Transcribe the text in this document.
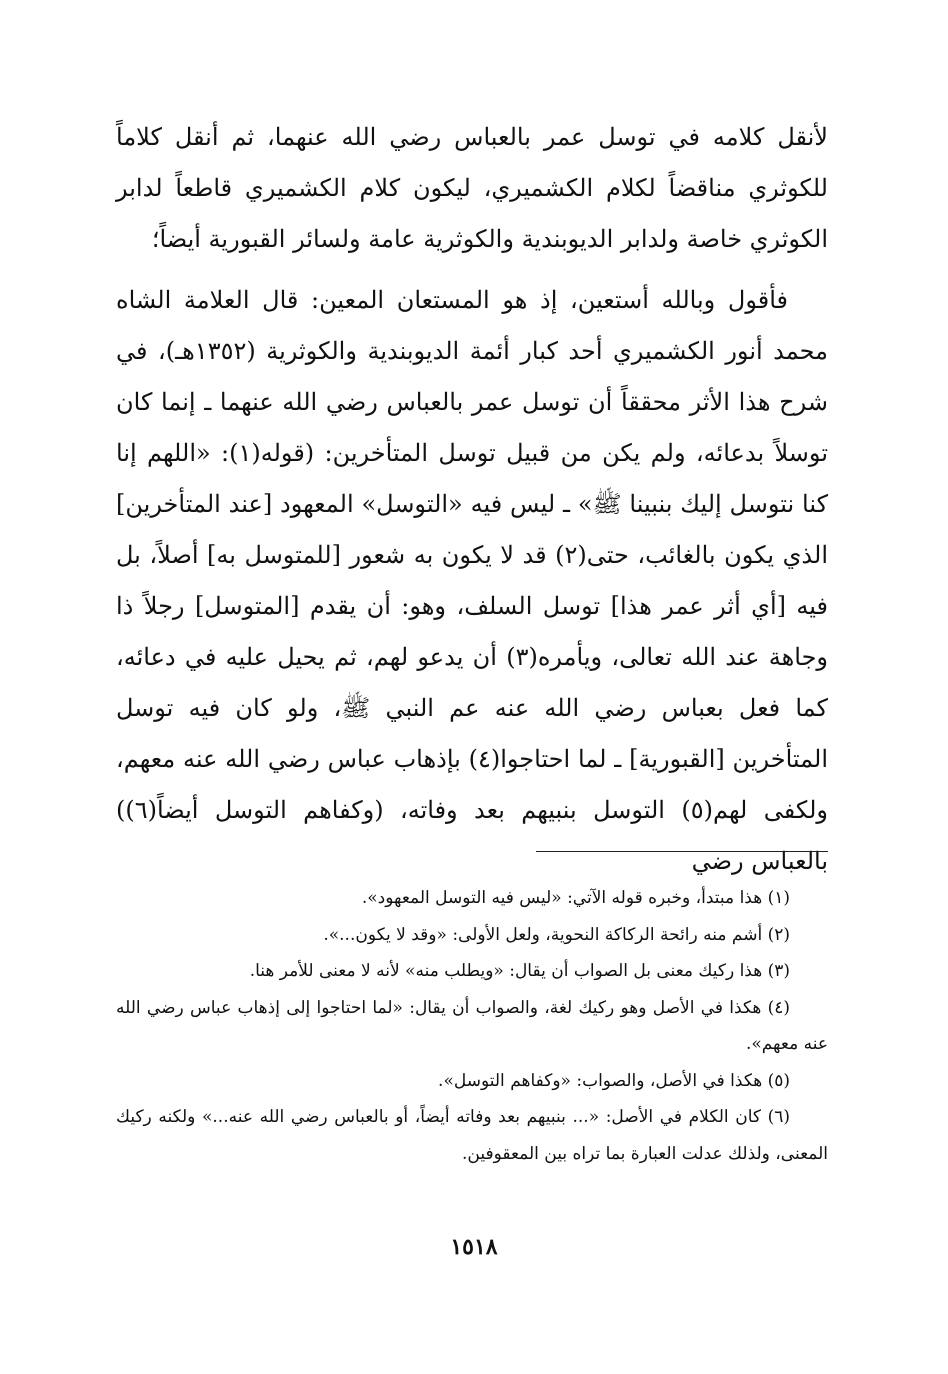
لأنقل كلامه في توسل عمر بالعباس رضي الله عنهما، ثم أنقل كلاماً للكوثري مناقضاً لكلام الكشميري، ليكون كلام الكشميري قاطعاً لدابر الكوثري خاصة ولدابر الديوبندية والكوثرية عامة ولسائر القبورية أيضاً؛

فأقول وبالله أستعين، إذ هو المستعان المعين: قال العلامة الشاه محمد أنور الكشميري أحد كبار أئمة الديوبندية والكوثرية (١٣٥٢هـ)، في شرح هذا الأثر محققاً أن توسل عمر بالعباس رضي الله عنهما ـ إنما كان توسلاً بدعائه، ولم يكن من قبيل توسل المتأخرين: (قوله(١): «اللهم إنا كنا نتوسل إليك بنبينا ﷺ» ـ ليس فيه «التوسل» المعهود [عند المتأخرين] الذي يكون بالغائب، حتى(٢) قد لا يكون به شعور [للمتوسل به] أصلاً، بل فيه [أي أثر عمر هذا] توسل السلف، وهو: أن يقدم [المتوسل] رجلاً ذا وجاهة عند الله تعالى، ويأمره(٣) أن يدعو لهم، ثم يحيل عليه في دعائه، كما فعل بعباس رضي الله عنه عم النبي ﷺ، ولو كان فيه توسل المتأخرين [القبورية] ـ لما احتاجوا(٤) بإذهاب عباس رضي الله عنه معهم، ولكفى لهم(٥) التوسل بنبيهم بعد وفاته، (وكفاهم التوسل أيضاً(٦)) بالعباس رضي

(١) هذا مبتدأ، وخبره قوله الآتي: «ليس فيه التوسل المعهود».

(٢) أشم منه رائحة الركاكة النحوية، ولعل الأولى: «وقد لا يكون...».

(٣) هذا ركيك معنى بل الصواب أن يقال: «ويطلب منه» لأنه لا معنى للأمر هنا.

(٤) هكذا في الأصل وهو ركيك لغة، والصواب أن يقال: «لما احتاجوا إلى إذهاب عباس رضي الله عنه معهم».

(٥) هكذا في الأصل، والصواب: «وكفاهم التوسل».

(٦) كان الكلام في الأصل: «... بنبيهم بعد وفاته أيضاً، أو بالعباس رضي الله عنه...» ولكنه ركيك المعنى، ولذلك عدلت العبارة بما تراه بين المعقوفين.

١٥١٨
